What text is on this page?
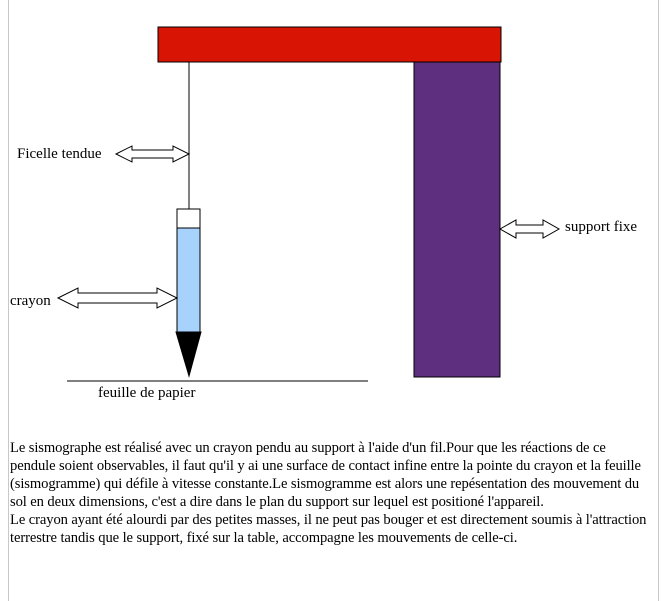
Ficelle tendue
crayon
support fixe
feuille de papier

Le sismographe est réalisé avec un crayon pendu au support à l'aide d'un fil.Pour que les réactions de ce pendule soient observables, il faut qu'il y ai une surface de contact infine entre la pointe du crayon et la feuille (sismogramme) qui défile à vitesse constante.Le sismogramme est alors une repésentation des mouvement du sol en deux dimensions, c'est a dire dans le plan du support sur lequel est positioné l'appareil.

Le crayon ayant été alourdi par des petites masses, il ne peut pas bouger et est directement soumis à l'attraction terrestre tandis que le support, fixé sur la table, accompagne les mouvements de celle-ci.
